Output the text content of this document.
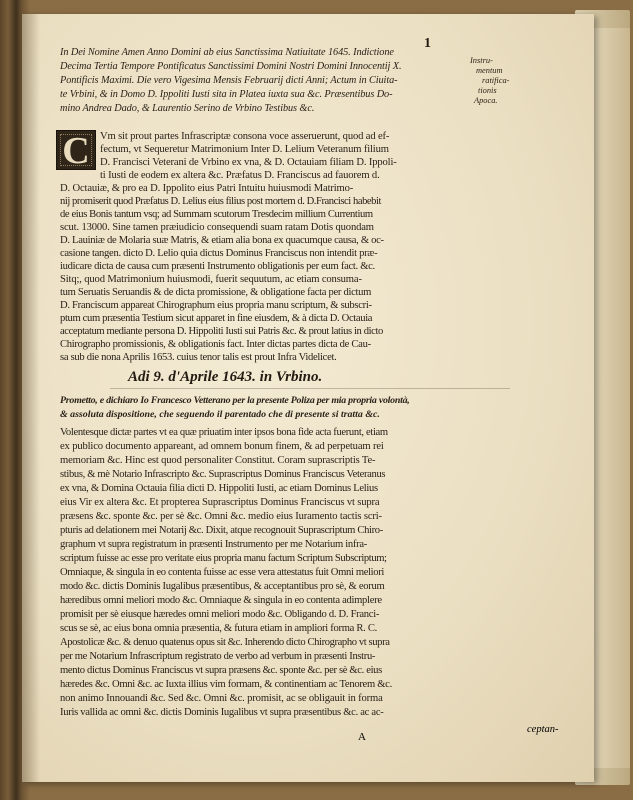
1
In Dei Nomine Amen Anno Domini ab eius Sanctissima Natiuitate 1645. Indictione
Decima Tertia Tempore Pontificatus Sanctissimi Domini Nostri Domini Innocentij X.
Pontificis Maximi. Die vero Vigesima Mensis Februarij dicti Anni; Actum in Ciuita-
te Vrbini, & in Domo D. Ippoliti Iusti sita in Platea iuxta sua &c. Præsentibus Do-
mino Andrea Dado, & Laurentio Serino de Vrbino Testibus &c.
Instru-
mentum
ratifica-
tionis
Apoca.
C Vm sit prout partes Infrascriptæ consona voce asseruerunt, quod ad ef-
fectum, vt Sequeretur Matrimonium Inter D. Lelium Veteranum filium
D. Francisci Veterani de Vrbino ex vna, & D. Octauiam filiam D. Ippoli-
ti Iusti de eodem ex altera &c. Præfatus D. Franciscus ad fauorem d.
D. Octauiæ, & pro ea D. Ippolito eius Patri Intuitu huiusmodi Matrimo-
nij promiserit quod Præfatus D. Lelius eius filius post mortem d. D.Francisci habebit
de eius Bonis tantum vsq; ad Summam scutorum Tresdecim millium Currentium
scut. 13000. Sine tamen præiudicio consequendi suam ratam Dotis quondam
D. Lauiniæ de Molaria suæ Matris, & etiam alia bona ex quacumque causa, & oc-
casione tangen. dicto D. Lelio quia dictus Dominus Franciscus non intendit præ-
iudicare dicta de causa cum præsenti Instrumento obligationis per eum fact. &c.
Sitq;, quod Matrimonium huiusmodi, fuerit sequutum, ac etiam consuma-
tum Seruatis Seruandis & de dicta promissione, & obligatione facta per dictum
D. Franciscum appareat Chirographum eius propria manu scriptum, & subscri-
ptum cum præsentia Testium sicut apparet in fine eiusdem, & à dicta D. Octauia
acceptatum mediante persona D. Hippoliti Iusti sui Patris &c. & prout latius in dicto
Chirographo promissionis, & obligationis fact. Inter dictas partes dicta de Cau-
sa sub die nona Aprilis 1653. cuius tenor talis est prout Infra Videlicet.
Adi 9. d'Aprile 1643. in Vrbino.
Prometto, e dichiaro Io Francesco Vetterano per la presente Poliza per mia propria volontà,
& assoluta dispositione, che seguendo il parentado che di presente si tratta &c.
Volentesque dictæ partes vt ea quæ priuatim inter ipsos bona fide acta fuerunt, etiam
ex publico documento appareant, ad omnem bonum finem, & ad perpetuam rei
memoriam &c. Hinc est quod personaliter Constitut. Coram suprascriptis Te-
stibus, & mè Notario Infrascripto &c. Suprascriptus Dominus Franciscus Veteranus
ex vna, & Domina Octauia filia dicti D. Hippoliti Iusti, ac etiam Dominus Lelius
eius Vir ex altera &c. Et propterea Suprascriptus Dominus Franciscus vt supra
præsens &c. sponte &c. per sè &c. Omni &c. medio eius Iuramento tactis scri-
pturis ad delationem mei Notarij &c. Dixit, atque recognouit Suprascriptum Chiro-
graphum vt supra registratum in præsenti Instrumento per me Notarium infra-
scriptum fuisse ac esse pro veritate eius propria manu factum Scriptum Subscriptum;
Omniaque, & singula in eo contenta fuisse ac esse vera attestatus fuit Omni meliori
modo &c. dictis Dominis Iugalibus præsentibus, & acceptantibus pro sè, & eorum
hæredibus omni meliori modo &c. Omniaque & singula in eo contenta adimplere
promisit per sè eiusque hæredes omni meliori modo &c. Obligando d. D. Franci-
scus se sè, ac eius bona omnia præsentia, & futura etiam in ampliori forma R. C.
Apostolicæ &c. & denuo quatenus opus sit &c. Inherendo dicto Chirographo vt supra
per me Notarium Infrascriptum registrato de verbo ad verbum in præsenti Instru-
mento dictus Dominus Franciscus vt supra præsens &c. sponte &c. per sè &c. eius
hæredes &c. Omni &c. ac Iuxta illius vim formam, & continentiam ac Tenorem &c.
non animo Innouandi &c. Sed &c. Omni &c. promisit, ac se obligauit in forma
Iuris vallida ac omni &c. dictis Dominis Iugalibus vt supra præsentibus &c. ac ac-
A
ceptan-
